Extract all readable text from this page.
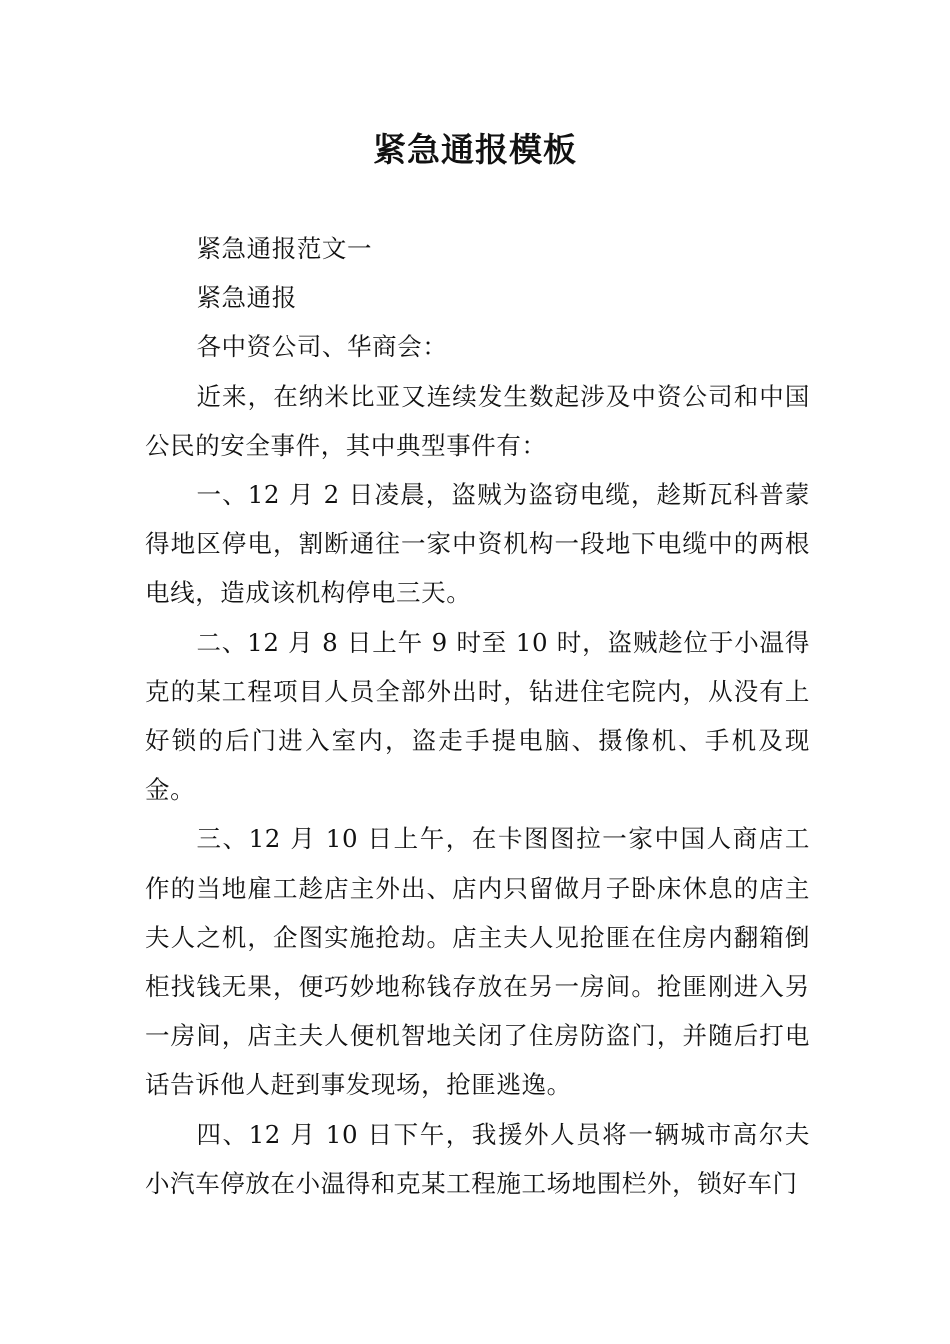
紧急通报模板

紧急通报范文一

紧急通报

各中资公司、华商会：

近来，在纳米比亚又连续发生数起涉及中资公司和中国公民的安全事件，其中典型事件有：

一、12 月 2 日凌晨，盗贼为盗窃电缆，趁斯瓦科普蒙得地区停电，割断通往一家中资机构一段地下电缆中的两根电线，造成该机构停电三天。

二、12 月 8 日上午 9 时至 10 时，盗贼趁位于小温得克的某工程项目人员全部外出时，钻进住宅院内，从没有上好锁的后门进入室内，盗走手提电脑、摄像机、手机及现金。

三、12 月 10 日上午，在卡图图拉一家中国人商店工作的当地雇工趁店主外出、店内只留做月子卧床休息的店主夫人之机，企图实施抢劫。店主夫人见抢匪在住房内翻箱倒柜找钱无果，便巧妙地称钱存放在另一房间。抢匪刚进入另一房间，店主夫人便机智地关闭了住房防盗门，并随后打电话告诉他人赶到事发现场，抢匪逃逸。

四、12 月 10 日下午，我援外人员将一辆城市高尔夫小汽车停放在小温得和克某工程施工场地围栏外，锁好车门
